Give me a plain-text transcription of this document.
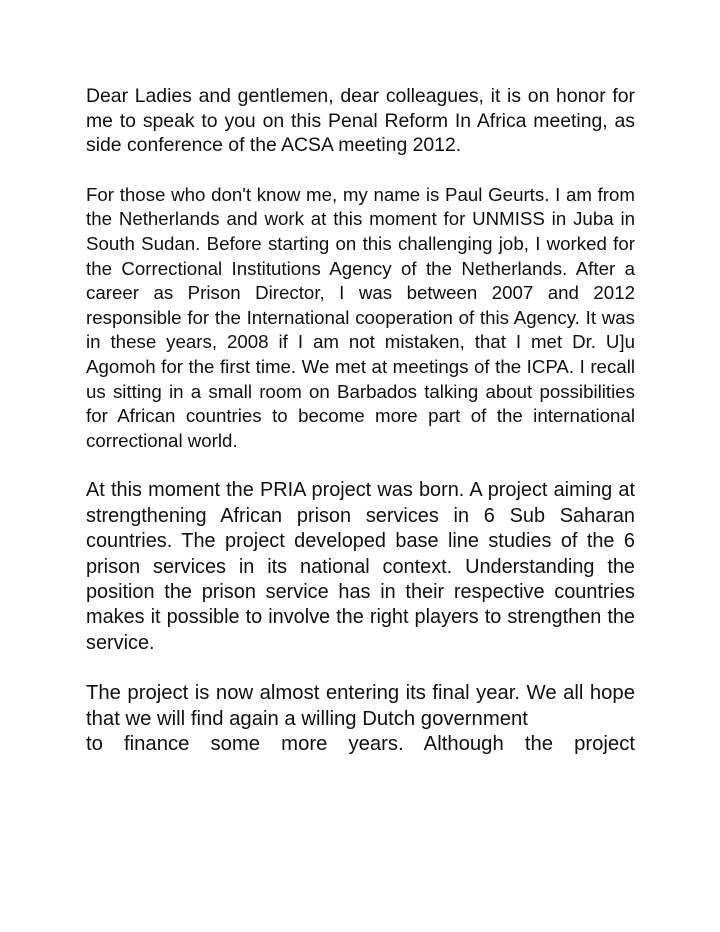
Dear Ladies and gentlemen, dear colleagues, it is on honor for me to speak to you on this Penal Reform In Africa meeting, as side conference of the ACSA meeting 2012.

For those who don't know me, my name is Paul Geurts. I am from the Netherlands and work at this moment for UNMISS in Juba in South Sudan. Before starting on this challenging job, I worked for the Correctional Institutions Agency of the Netherlands. After a career as Prison Director, I was between 2007 and 2012 responsible for the International cooperation of this Agency. It was in these years, 2008 if I am not mistaken, that I met Dr. U]u Agomoh for the first time. We met at meetings of the ICPA. I recall us sitting in a small room on Barbados talking about possibilities for African countries to become more part of the international correctional world.

At this moment the PRIA project was born. A project aiming at strengthening African prison services in 6 Sub Saharan countries. The project developed base line studies of the 6 prison services in its national context. Understanding the position the prison service has in their respective countries makes it possible to involve the right players to strengthen the service.

The project is now almost entering its final year. We all hope that we will find again a willing Dutch government
to finance some more years. Although the project
